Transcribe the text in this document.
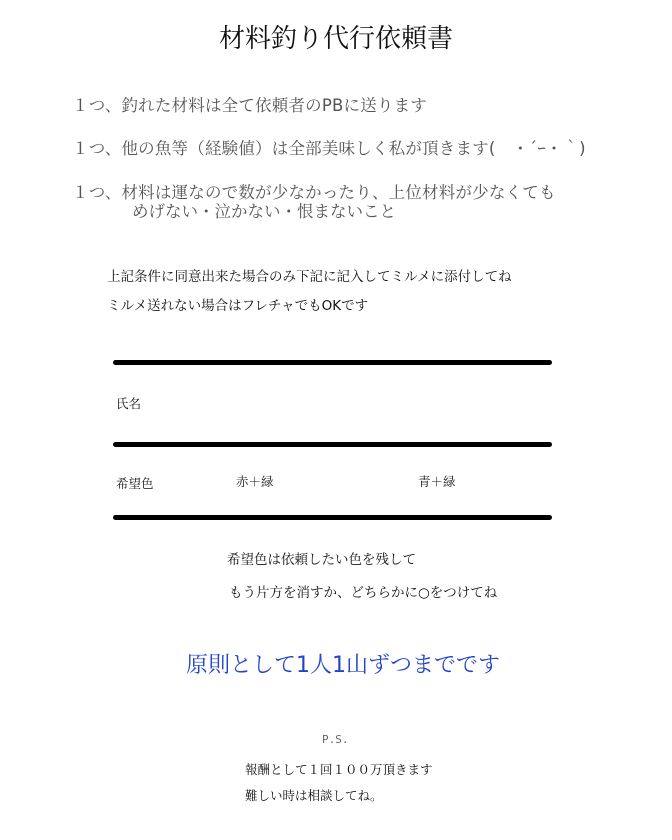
材料釣り代行依頼書
１つ、釣れた材料は全て依頼者のPBに送ります
１つ、他の魚等（経験値）は全部美味しく私が頂きます(　・´ｰ・｀)
１つ、材料は運なので数が少なかったり、上位材料が少なくても
めげない・泣かない・恨まないこと
上記条件に同意出来た場合のみ下記に記入してミルメに添付してね
ミルメ送れない場合はフレチャでもOKです
氏名
希望色	赤＋緑	青＋緑
希望色は依頼したい色を残して
もう片方を消すか、どちらかに○をつけてね
原則として1人1山ずつまでです
P.S.
報酬として１回１００万頂きます
難しい時は相談してね。
